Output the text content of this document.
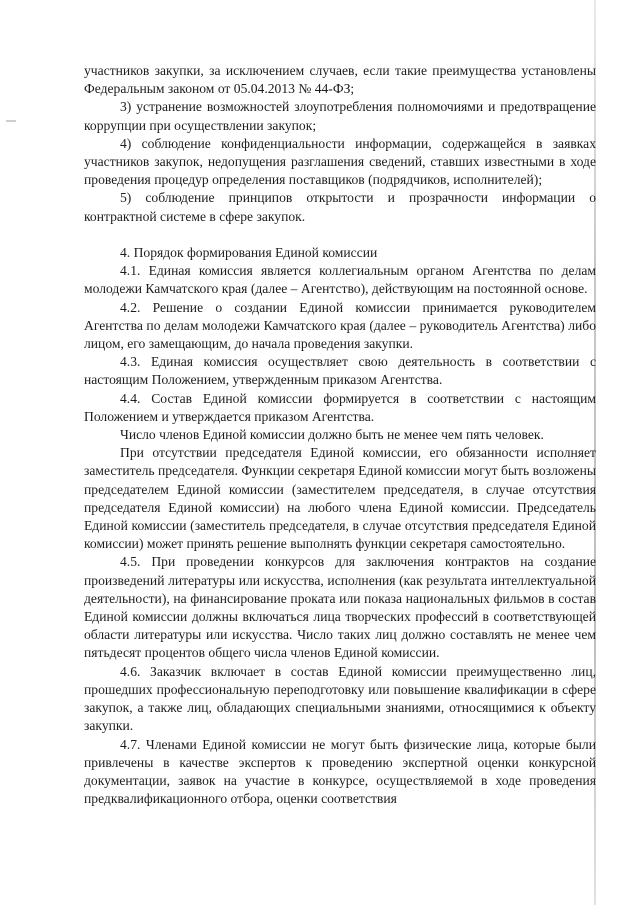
участников закупки, за исключением случаев, если такие преимущества установлены Федеральным законом от 05.04.2013 № 44-ФЗ;

3) устранение возможностей злоупотребления полномочиями и предотвращение коррупции при осуществлении закупок;

4) соблюдение конфиденциальности информации, содержащейся в заявках участников закупок, недопущения разглашения сведений, ставших известными в ходе проведения процедур определения поставщиков (подрядчиков, исполнителей);

5) соблюдение принципов открытости и прозрачности информации о контрактной системе в сфере закупок.

4. Порядок формирования Единой комиссии

4.1. Единая комиссия является коллегиальным органом Агентства по делам молодежи Камчатского края (далее – Агентство), действующим на постоянной основе.

4.2. Решение о создании Единой комиссии принимается руководителем Агентства по делам молодежи Камчатского края (далее – руководитель Агентства) либо лицом, его замещающим, до начала проведения закупки.

4.3. Единая комиссия осуществляет свою деятельность в соответствии с настоящим Положением, утвержденным приказом Агентства.

4.4. Состав Единой комиссии формируется в соответствии с настоящим Положением и утверждается приказом Агентства.

Число членов Единой комиссии должно быть не менее чем пять человек.

При отсутствии председателя Единой комиссии, его обязанности исполняет заместитель председателя. Функции секретаря Единой комиссии могут быть возложены председателем Единой комиссии (заместителем председателя, в случае отсутствия председателя Единой комиссии) на любого члена Единой комиссии. Председатель Единой комиссии (заместитель председателя, в случае отсутствия председателя Единой комиссии) может принять решение выполнять функции секретаря самостоятельно.

4.5. При проведении конкурсов для заключения контрактов на создание произведений литературы или искусства, исполнения (как результата интеллектуальной деятельности), на финансирование проката или показа национальных фильмов в состав Единой комиссии должны включаться лица творческих профессий в соответствующей области литературы или искусства. Число таких лиц должно составлять не менее чем пятьдесят процентов общего числа членов Единой комиссии.

4.6. Заказчик включает в состав Единой комиссии преимущественно лиц, прошедших профессиональную переподготовку или повышение квалификации в сфере закупок, а также лиц, обладающих специальными знаниями, относящимися к объекту закупки.

4.7. Членами Единой комиссии не могут быть физические лица, которые были привлечены в качестве экспертов к проведению экспертной оценки конкурсной документации, заявок на участие в конкурсе, осуществляемой в ходе проведения предквалификационного отбора, оценки соответствия
